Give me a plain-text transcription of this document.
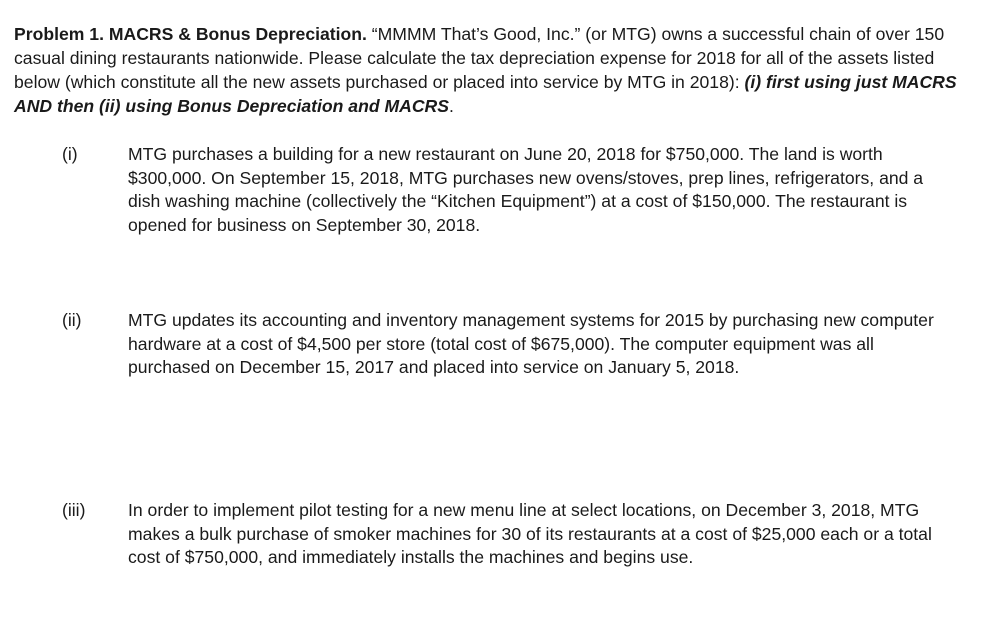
Problem 1. MACRS & Bonus Depreciation. “MMMM That’s Good, Inc.” (or MTG) owns a successful chain of over 150 casual dining restaurants nationwide. Please calculate the tax depreciation expense for 2018 for all of the assets listed below (which constitute all the new assets purchased or placed into service by MTG in 2018): (i) first using just MACRS AND then (ii) using Bonus Depreciation and MACRS.

(i)	MTG purchases a building for a new restaurant on June 20, 2018 for $750,000. The land is worth $300,000. On September 15, 2018, MTG purchases new ovens/stoves, prep lines, refrigerators, and a dish washing machine (collectively the “Kitchen Equipment”) at a cost of $150,000. The restaurant is opened for business on September 30, 2018.

(ii)	MTG updates its accounting and inventory management systems for 2015 by purchasing new computer hardware at a cost of $4,500 per store (total cost of $675,000). The computer equipment was all purchased on December 15, 2017 and placed into service on January 5, 2018.

(iii) In order to implement pilot testing for a new menu line at select locations, on December 3, 2018, MTG makes a bulk purchase of smoker machines for 30 of its restaurants at a cost of $25,000 each or a total cost of $750,000, and immediately installs the machines and begins use.
